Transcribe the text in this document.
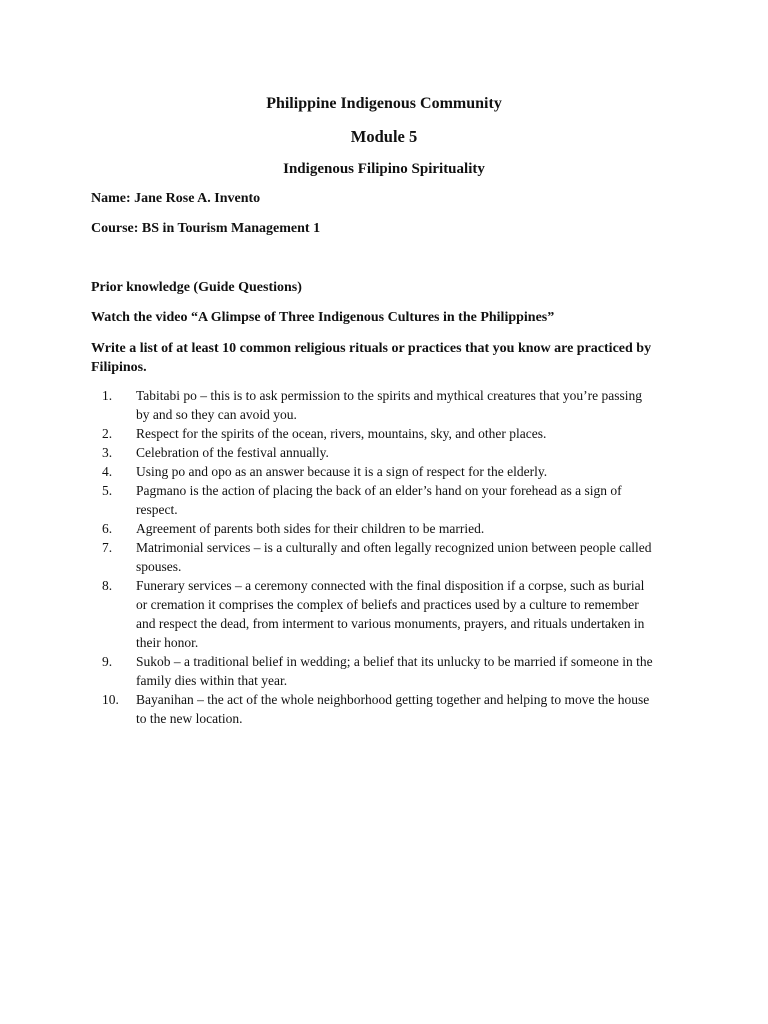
Philippine Indigenous Community
Module 5
Indigenous Filipino Spirituality

Name: Jane Rose A. Invento

Course: BS in Tourism Management 1

Prior knowledge (Guide Questions)

Watch the video “A Glimpse of Three Indigenous Cultures in the Philippines”

Write a list of at least 10 common religious rituals or practices that you know are practiced by Filipinos.

1.	Tabitabi po – this is to ask permission to the spirits and mythical creatures that you’re passing by and so they can avoid you.
2.	Respect for the spirits of the ocean, rivers, mountains, sky, and other places.
3.	Celebration of the festival annually.
4.	Using po and opo as an answer because it is a sign of respect for the elderly.
5.	Pagmano is the action of placing the back of an elder’s hand on your forehead as a sign of respect.
6.	Agreement of parents both sides for their children to be married.
7.	Matrimonial services – is a culturally and often legally recognized union between people called spouses.
8.	Funerary services – a ceremony connected with the final disposition if a corpse, such as burial or cremation it comprises the complex of beliefs and practices used by a culture to remember and respect the dead, from interment to various monuments, prayers, and rituals undertaken in their honor.
9.	Sukob – a traditional belief in wedding; a belief that its unlucky to be married if someone in the family dies within that year.
10.	Bayanihan – the act of the whole neighborhood getting together and helping to move the house to the new location.
